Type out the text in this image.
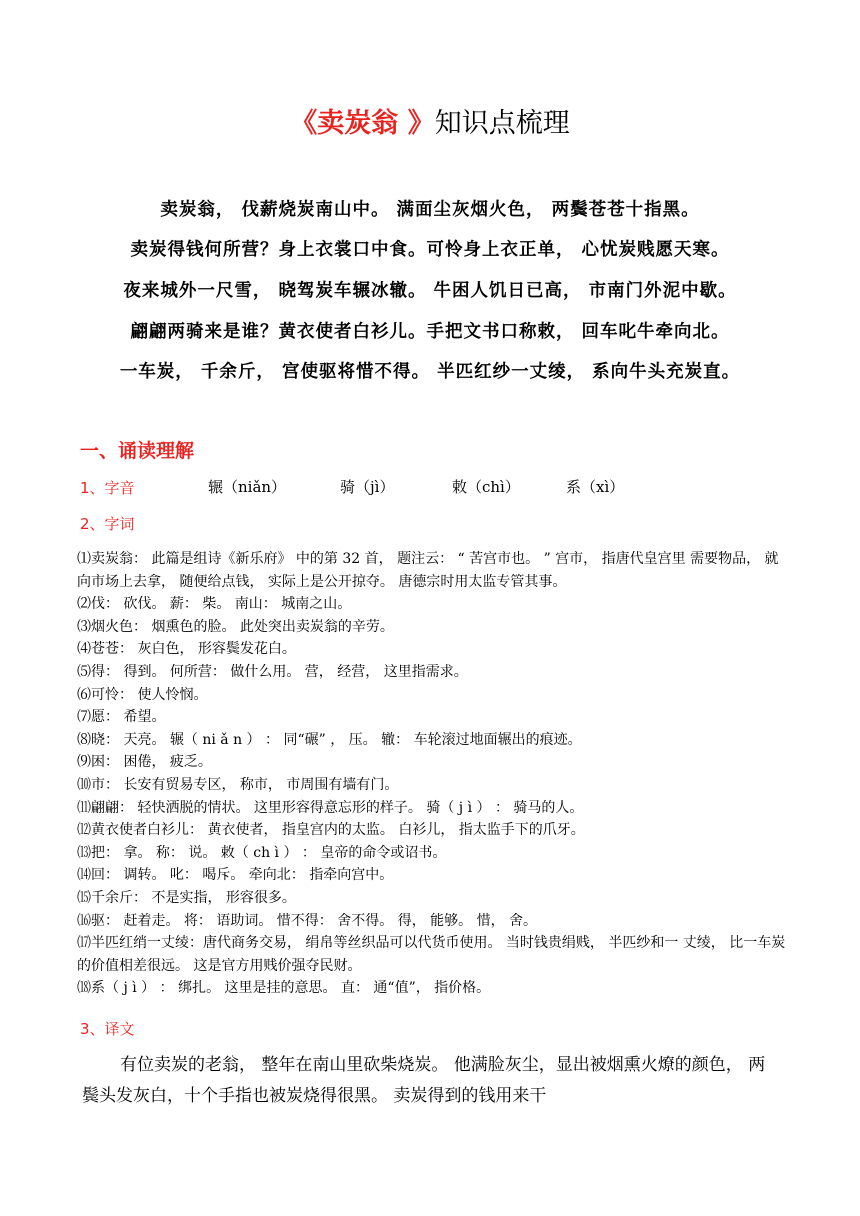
《卖炭翁 》知识点梳理
卖炭翁， 伐薪烧炭南山中。 满面尘灰烟火色， 两鬓苍苍十指黑。
卖炭得钱何所营？身上衣裳口中食。可怜身上衣正单， 心忧炭贱愿天寒。
夜来城外一尺雪， 晓驾炭车辗冰辙。 牛困人饥日已高， 市南门外泥中歇。
翩翩两骑来是谁？黄衣使者白衫儿。手把文书口称敕， 回车叱牛牵向北。
一车炭， 千余斤， 宫使驱将惜不得。 半匹红纱一丈绫， 系向牛头充炭直。
一、诵读理解
1、字音	辗（niǎn）	骑（jì）	敕（chì）	系（xì）
2、字词
⑴卖炭翁： 此篇是组诗《新乐府》 中的第 32 首， 题注云： “ 苦宫市也。 ” 宫市， 指唐代皇宫里 需要物品， 就向市场上去拿， 随便给点钱， 实际上是公开掠夺。 唐德宗时用太监专管其事。
⑵伐： 砍伐。 薪： 柴。 南山： 城南之山。
⑶烟火色： 烟熏色的脸。 此处突出卖炭翁的辛劳。
⑷苍苍： 灰白色， 形容鬓发花白。
⑸得： 得到。 何所营： 做什么用。 营， 经营， 这里指需求。
⑹可怜： 使人怜悯。
⑺愿： 希望。
⑻晓： 天亮。 辗（ ni ǎ n ） ： 同“碾” ， 压。 辙： 车轮滚过地面辗出的痕迹。
⑼困： 困倦， 疲乏。
⑽市： 长安有贸易专区， 称市， 市周围有墙有门。
⑾翩翩： 轻快洒脱的情状。 这里形容得意忘形的样子。 骑（ j ì ） ： 骑马的人。
⑿黄衣使者白衫儿： 黄衣使者， 指皇宫内的太监。 白衫儿， 指太监手下的爪牙。
⒀把： 拿。 称： 说。 敕（ ch ì ） ： 皇帝的命令或诏书。
⒁回： 调转。 叱： 喝斥。 牵向北： 指牵向宫中。
⒂千余斤： 不是实指， 形容很多。
⒃驱： 赶着走。 将： 语助词。 惜不得： 舍不得。 得， 能够。 惜， 舍。
⒄半匹红绡一丈绫：唐代商务交易， 绢帛等丝织品可以代货币使用。 当时钱贵绢贱， 半匹纱和一 丈绫， 比一车炭的价值相差很远。 这是官方用贱价强夺民财。
⒅系（ j ì ） ： 绑扎。 这里是挂的意思。 直： 通“值”， 指价格。
3、译文
有位卖炭的老翁， 整年在南山里砍柴烧炭。 他满脸灰尘，显出被烟熏火燎的颜色， 两鬓头发灰白，十个手指也被炭烧得很黑。 卖炭得到的钱用来干
